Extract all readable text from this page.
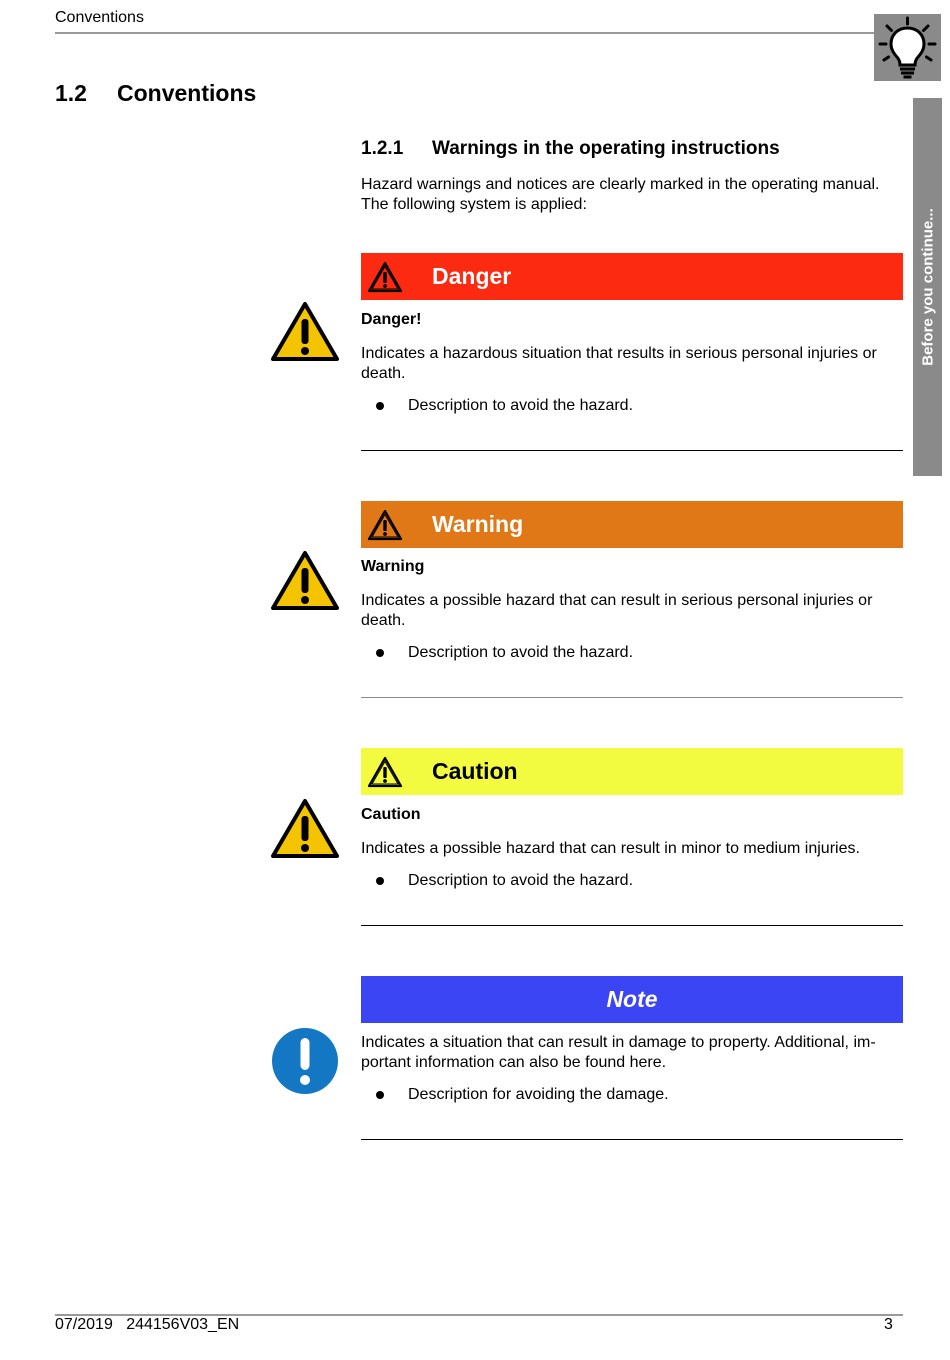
Conventions
Before you continue...
1.2 Conventions
1.2.1 Warnings in the operating instructions
Hazard warnings and notices are clearly marked in the operating manual. The following system is applied:
Danger
Danger!
Indicates a hazardous situation that results in serious personal injuries or death.
Description to avoid the hazard.
Warning
Warning
Indicates a possible hazard that can result in serious personal injuries or death.
Description to avoid the hazard.
Caution
Caution
Indicates a possible hazard that can result in minor to medium injuries.
Description to avoid the hazard.
Note
Indicates a situation that can result in damage to property. Additional, im-portant information can also be found here.
Description for avoiding the damage.
07/2019 244156V03_EN	3
